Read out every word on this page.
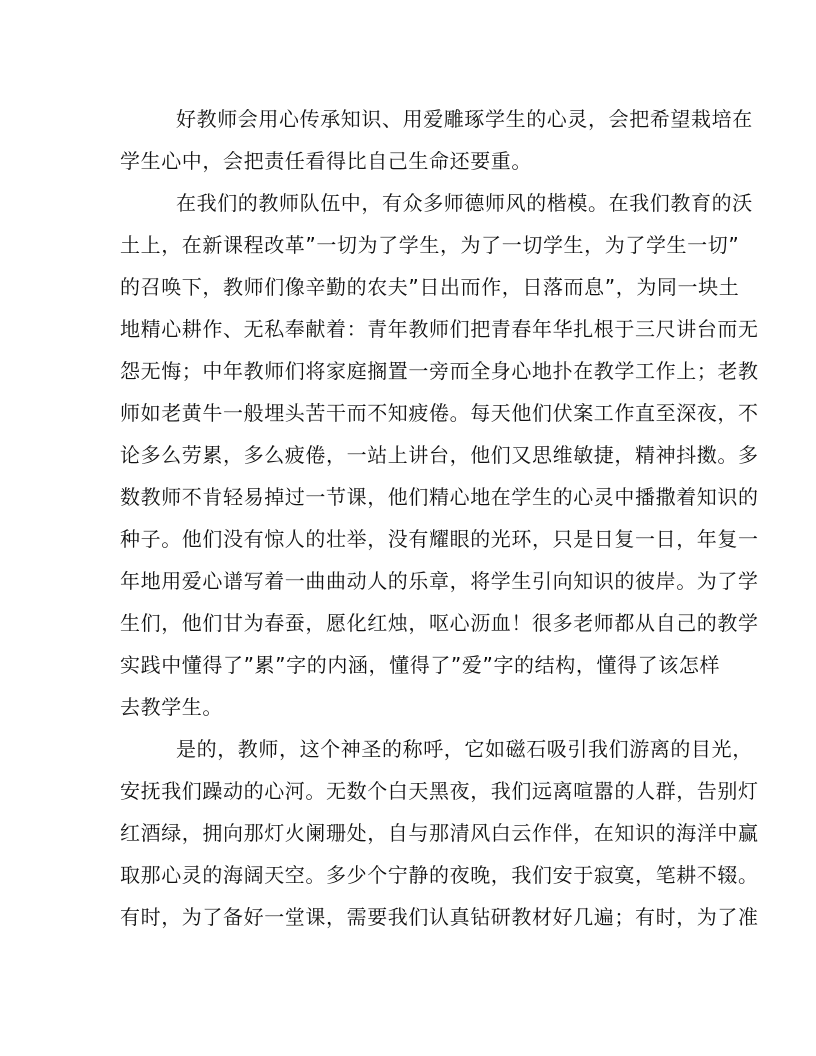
好教师会用心传承知识、用爱雕琢学生的心灵，会把希望栽培在
学生心中，会把责任看得比自己生命还要重。
在我们的教师队伍中，有众多师德师风的楷模。在我们教育的沃
土上，在新课程改革”一切为了学生，为了一切学生，为了学生一切”
的召唤下，教师们像辛勤的农夫”日出而作，日落而息”，为同一块土
地精心耕作、无私奉献着：青年教师们把青春年华扎根于三尺讲台而无
怨无悔；中年教师们将家庭搁置一旁而全身心地扑在教学工作上；老教
师如老黄牛一般埋头苦干而不知疲倦。每天他们伏案工作直至深夜，不
论多么劳累，多么疲倦，一站上讲台，他们又思维敏捷，精神抖擞。多
数教师不肯轻易掉过一节课，他们精心地在学生的心灵中播撒着知识的
种子。他们没有惊人的壮举，没有耀眼的光环，只是日复一日，年复一
年地用爱心谱写着一曲曲动人的乐章，将学生引向知识的彼岸。为了学
生们，他们甘为春蚕，愿化红烛，呕心沥血！很多老师都从自己的教学
实践中懂得了”累”字的内涵，懂得了”爱”字的结构，懂得了该怎样
去教学生。
是的，教师，这个神圣的称呼，它如磁石吸引我们游离的目光，
安抚我们躁动的心河。无数个白天黑夜，我们远离喧嚣的人群，告别灯
红酒绿，拥向那灯火阑珊处，自与那清风白云作伴，在知识的海洋中赢
取那心灵的海阔天空。多少个宁静的夜晚，我们安于寂寞，笔耕不辍。
有时，为了备好一堂课，需要我们认真钻研教材好几遍；有时，为了准
